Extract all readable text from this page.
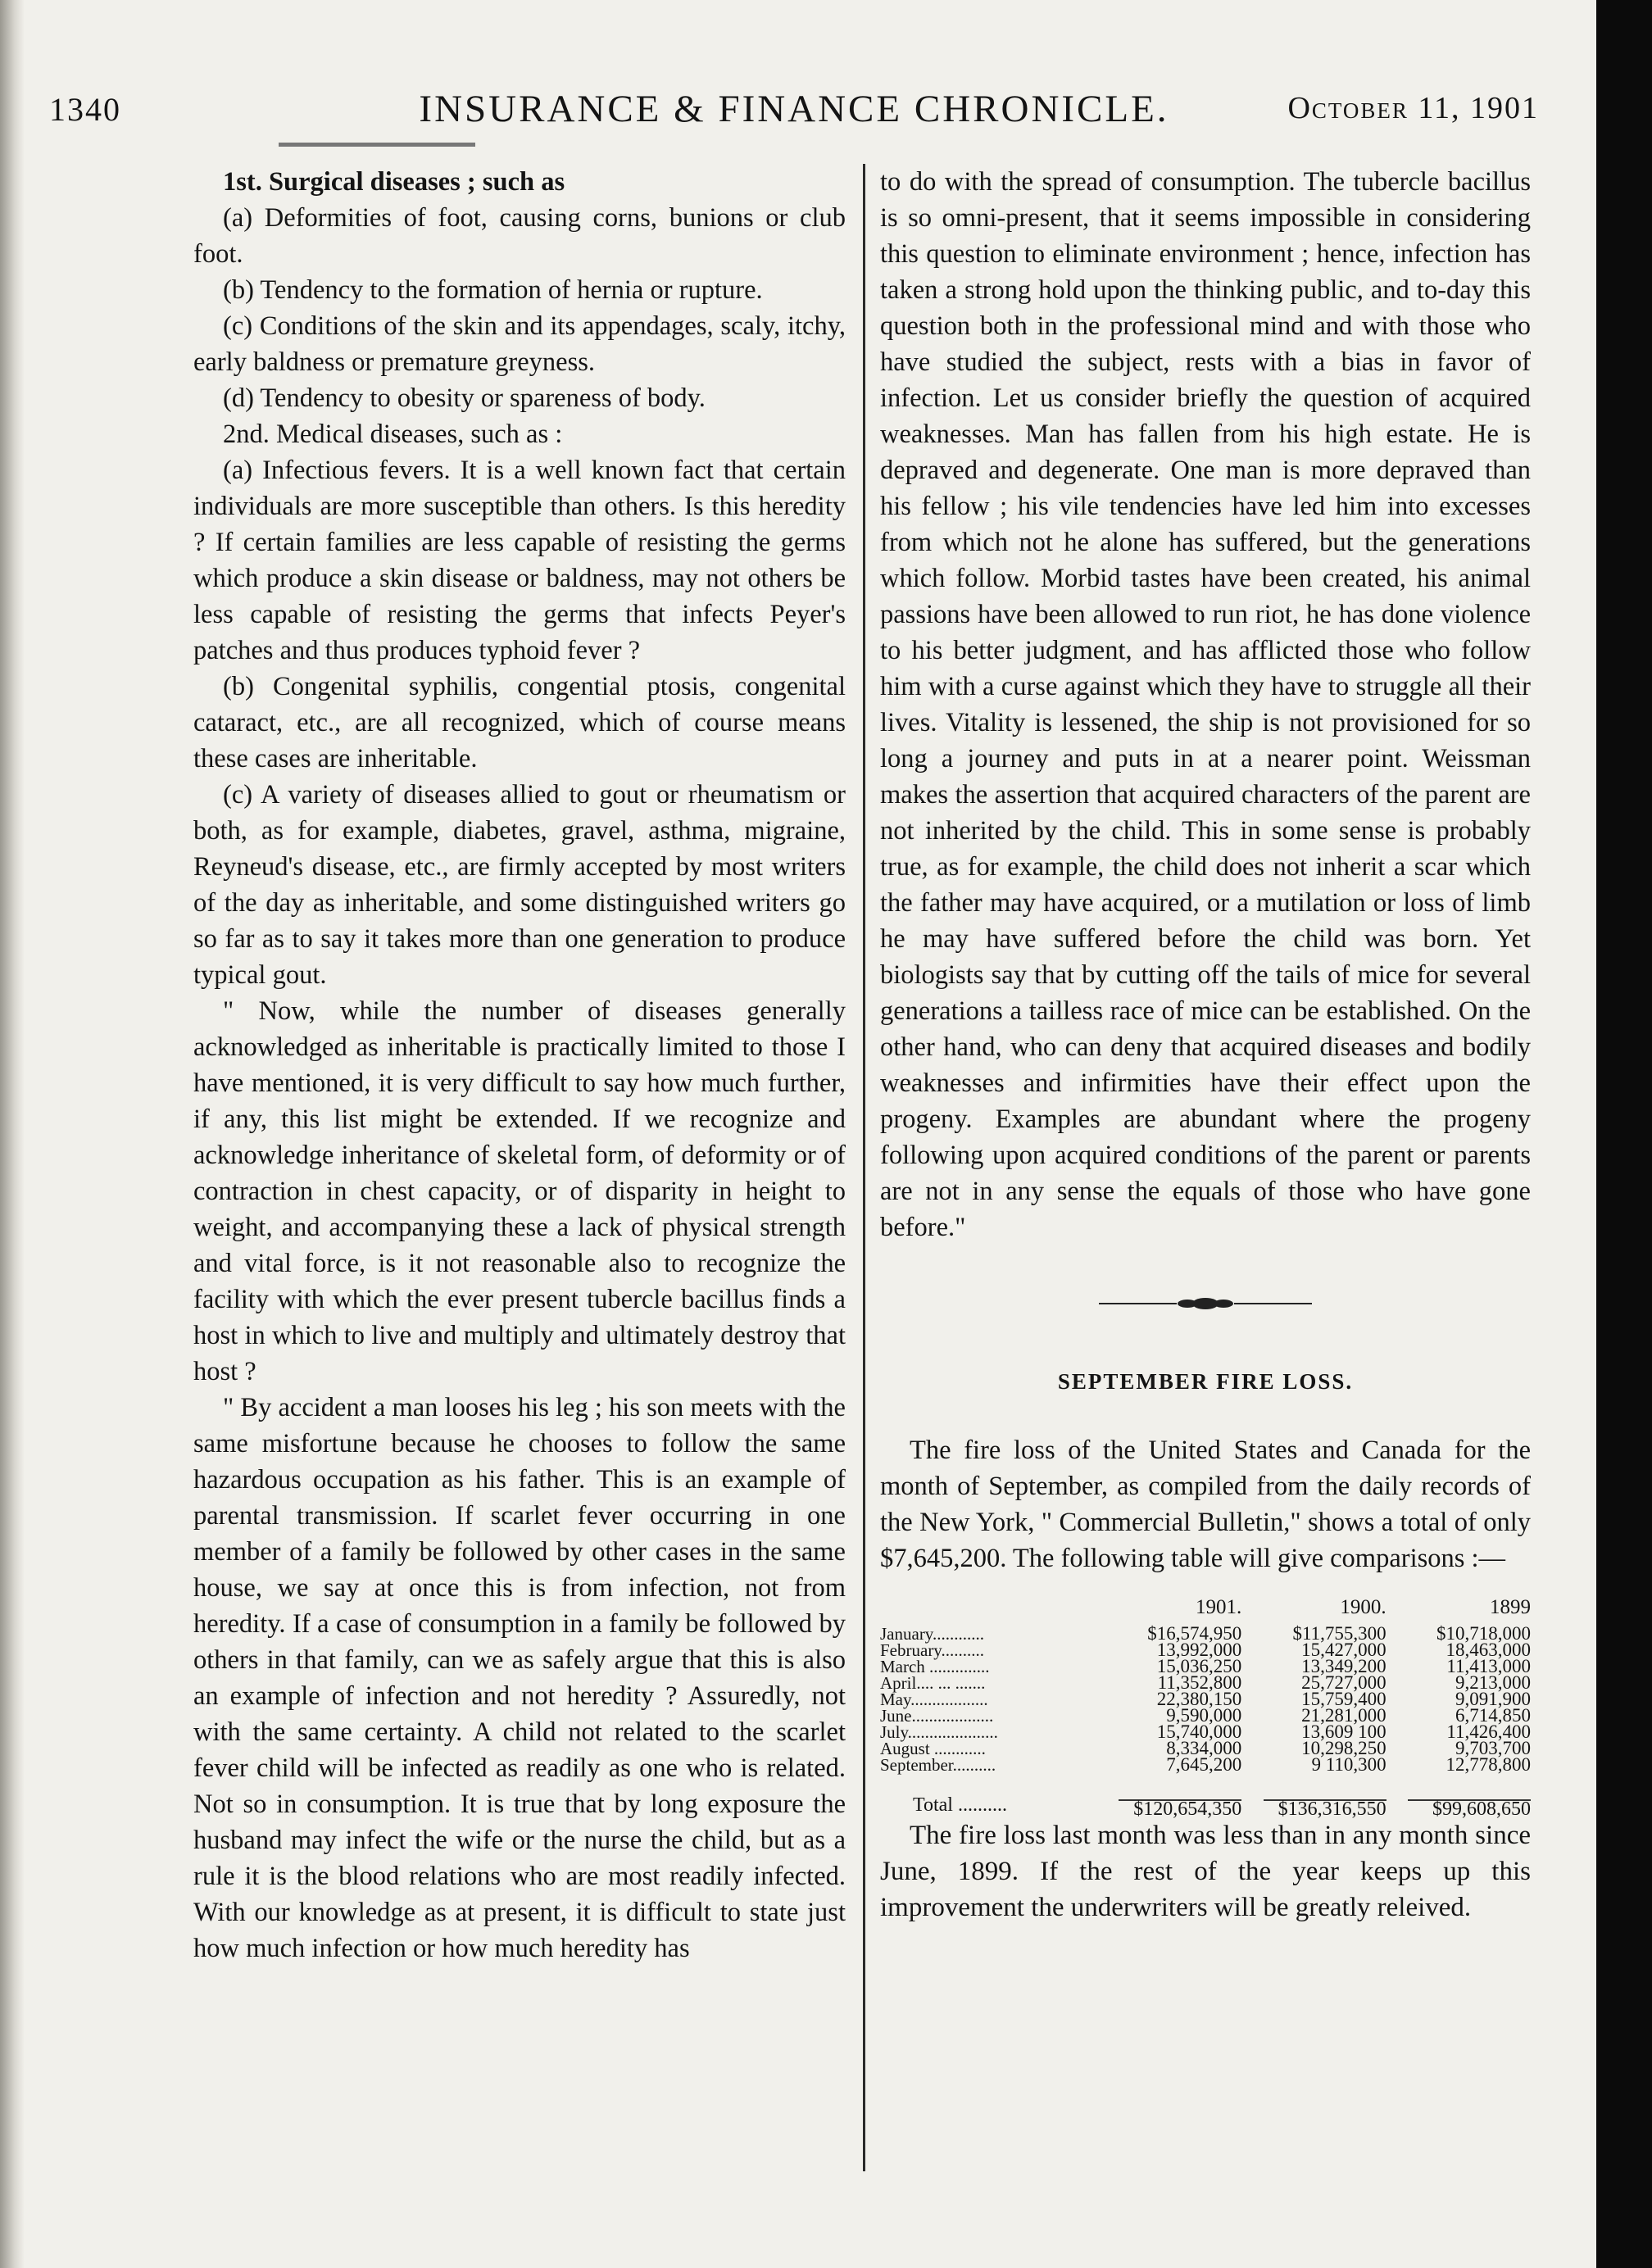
1340	INSURANCE & FINANCE CHRONICLE.	October 11, 1901

1st. Surgical diseases ; such as

(a) Deformities of foot, causing corns, bunions or club foot.

(b) Tendency to the formation of hernia or rupture.

(c) Conditions of the skin and its appendages, scaly, itchy, early baldness or premature greyness.

(d) Tendency to obesity or spareness of body.

2nd. Medical diseases, such as :

(a) Infectious fevers. It is a well known fact that certain individuals are more susceptible than others. Is this heredity ? If certain families are less capable of resisting the germs which produce a skin disease or baldness, may not others be less capable of resisting the germs that infects Peyer's patches and thus produces typhoid fever ?

(b) Congenital syphilis, congential ptosis, congenital cataract, etc., are all recognized, which of course means these cases are inheritable.

(c) A variety of diseases allied to gout or rheumatism or both, as for example, diabetes, gravel, asthma, migraine, Reyneud's disease, etc., are firmly accepted by most writers of the day as inheritable, and some distinguished writers go so far as to say it takes more than one generation to produce typical gout.

" Now, while the number of diseases generally acknowledged as inheritable is practically limited to those I have mentioned, it is very difficult to say how much further, if any, this list might be extended. If we recognize and acknowledge inheritance of skeletal form, of deformity or of contraction in chest capacity, or of disparity in height to weight, and accompanying these a lack of physical strength and vital force, is it not reasonable also to recognize the facility with which the ever present tubercle bacillus finds a host in which to live and multiply and ultimately destroy that host ?

" By accident a man looses his leg ; his son meets with the same misfortune because he chooses to follow the same hazardous occupation as his father. This is an example of parental transmission. If scarlet fever occurring in one member of a family be followed by other cases in the same house, we say at once this is from infection, not from heredity. If a case of consumption in a family be followed by others in that family, can we as safely argue that this is also an example of infection and not heredity ? Assuredly, not with the same certainty. A child not related to the scarlet fever child will be infected as readily as one who is related. Not so in consumption. It is true that by long exposure the husband may infect the wife or the nurse the child, but as a rule it is the blood relations who are most readily infected. With our knowledge as at present, it is difficult to state just how much infection or how much heredity has

to do with the spread of consumption. The tubercle bacillus is so omni-present, that it seems impossible in considering this question to eliminate environment ; hence, infection has taken a strong hold upon the thinking public, and to-day this question both in the professional mind and with those who have studied the subject, rests with a bias in favor of infection. Let us consider briefly the question of acquired weaknesses. Man has fallen from his high estate. He is depraved and degenerate. One man is more depraved than his fellow ; his vile tendencies have led him into excesses from which not he alone has suffered, but the generations which follow. Morbid tastes have been created, his animal passions have been allowed to run riot, he has done violence to his better judgment, and has afflicted those who follow him with a curse against which they have to struggle all their lives. Vitality is lessened, the ship is not provisioned for so long a journey and puts in at a nearer point. Weissman makes the assertion that acquired characters of the parent are not inherited by the child. This in some sense is probably true, as for example, the child does not inherit a scar which the father may have acquired, or a mutilation or loss of limb he may have suffered before the child was born. Yet biologists say that by cutting off the tails of mice for several generations a tailless race of mice can be established. On the other hand, who can deny that acquired diseases and bodily weaknesses and infirmities have their effect upon the progeny. Examples are abundant where the progeny following upon acquired conditions of the parent or parents are not in any sense the equals of those who have gone before."

SEPTEMBER FIRE LOSS.

The fire loss of the United States and Canada for the month of September, as compiled from the daily records of the New York, " Commercial Bulletin," shows a total of only $7,645,200. The following table will give comparisons :—

	1901.	1900.	1899
January............	$16,574,950	$11,755,300	$10,718,000
February..........	13,992,000	15,427,000	18,463,000
March ..............	15,036,250	13,349,200	11,413,000
April.... ... .......	11,352,800	25,727,000	9,213,000
May..................	22,380,150	15,759,400	9,091,900
June...................	9,590,000	21,281,000	6,714,850
July.....................	15,740,000	13,609 100	11,426,400
August ............	8,334,000	10,298,250	9,703,700
September..........	7,645,200	9 110,300	12,778,800
Total ..........	$120,654,350	$136,316,550	$99,608,650

The fire loss last month was less than in any month since June, 1899. If the rest of the year keeps up this improvement the underwriters will be greatly releived.
